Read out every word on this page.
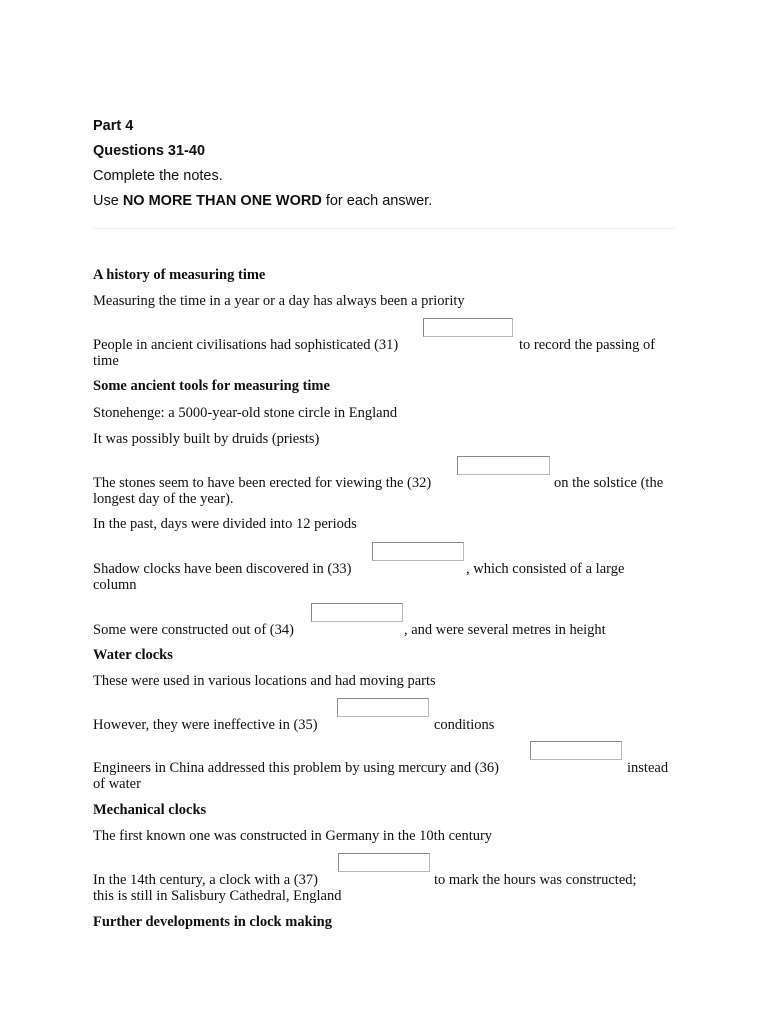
Part 4
Questions 31-40
Complete the notes.
Use NO MORE THAN ONE WORD for each answer.
A history of measuring time
Measuring the time in a year or a day has always been a priority
People in ancient civilisations had sophisticated (31)	to record the passing of
time
Some ancient tools for measuring time
Stonehenge: a 5000-year-old stone circle in England
It was possibly built by druids (priests)
The stones seem to have been erected for viewing the (32)	on the solstice (the
longest day of the year).
In the past, days were divided into 12 periods
Shadow clocks have been discovered in (33)	, which consisted of a large
column
Some were constructed out of (34)	, and were several metres in height
Water clocks
These were used in various locations and had moving parts
However, they were ineffective in (35)	conditions
Engineers in China addressed this problem by using mercury and (36)	instead
of water
Mechanical clocks
The first known one was constructed in Germany in the 10th century
In the 14th century, a clock with a (37)	to mark the hours was constructed;
this is still in Salisbury Cathedral, England
Further developments in clock making
